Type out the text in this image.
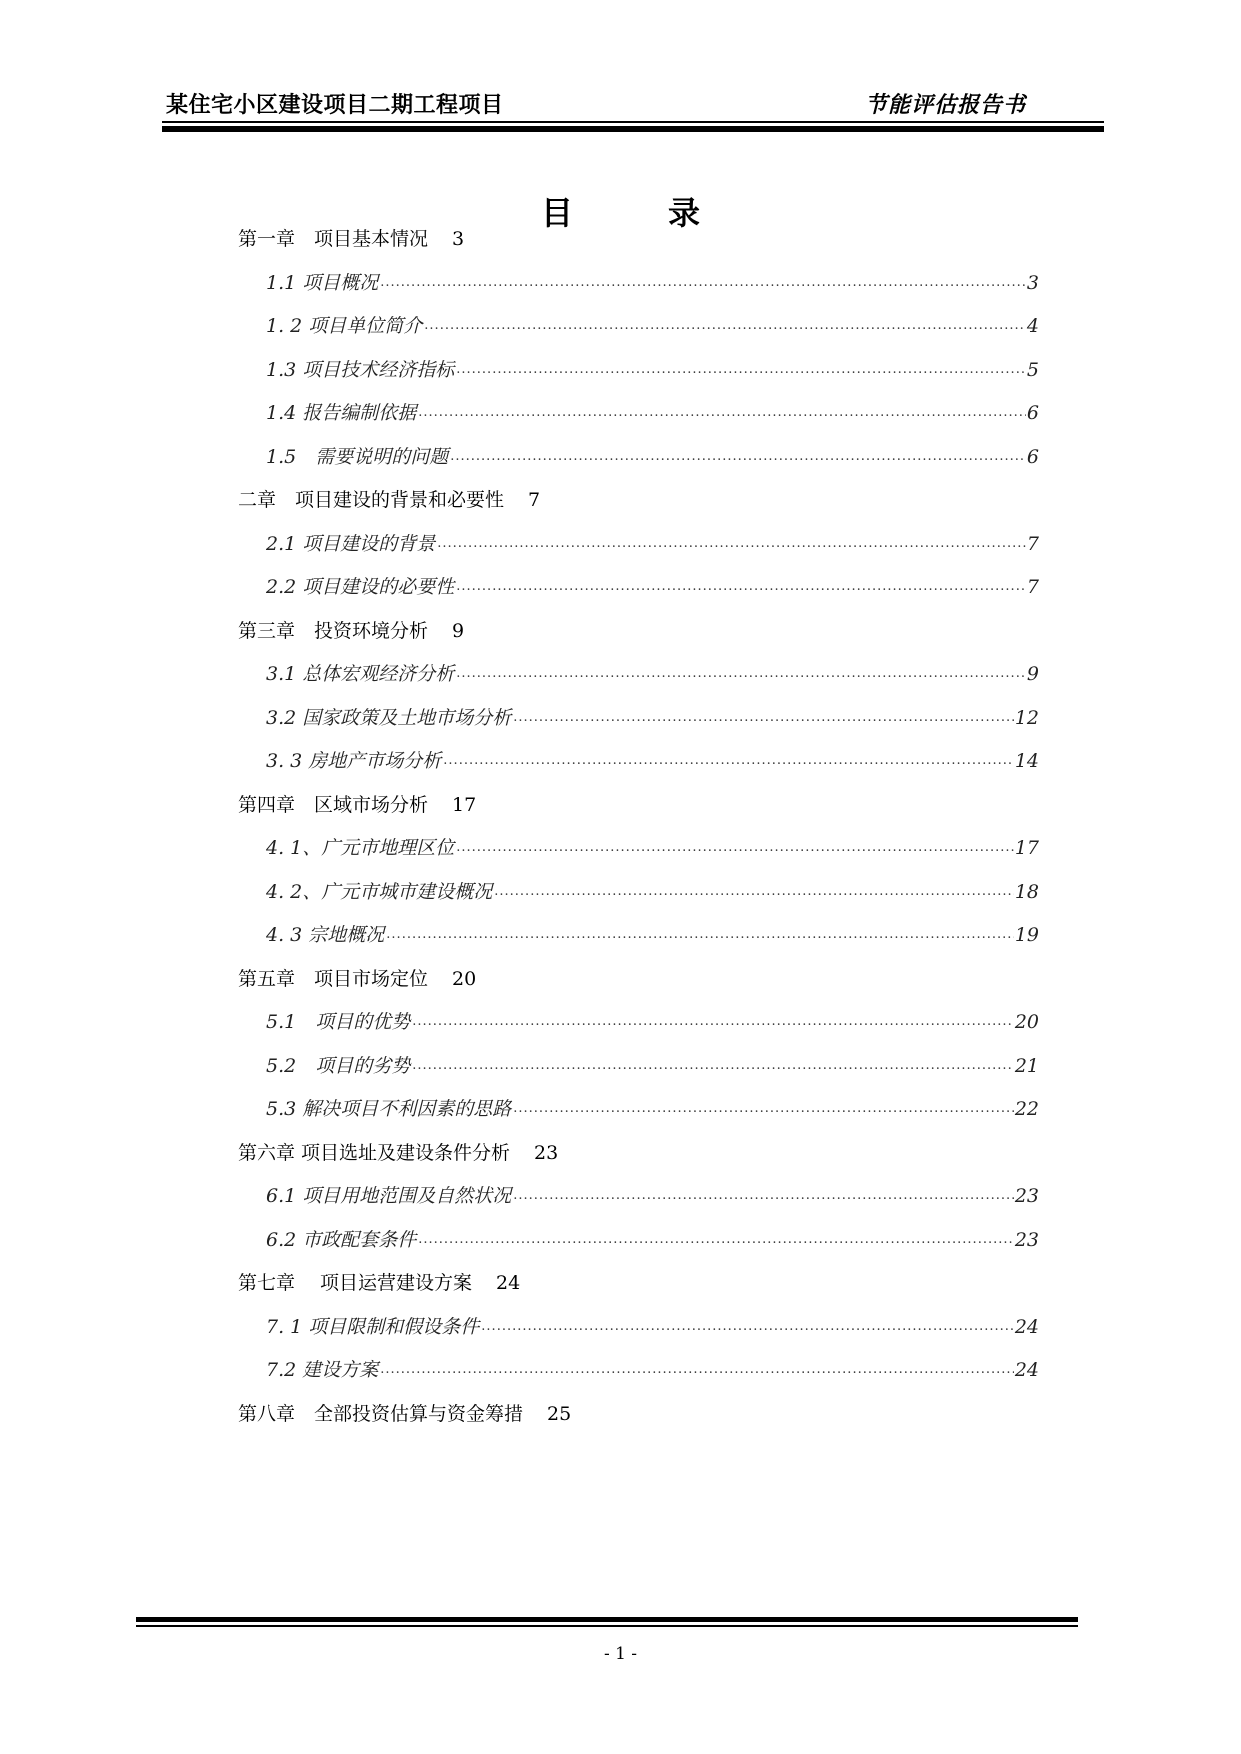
某住宅小区建设项目二期工程项目	节能评估报告书
目录
第一章　项目基本情况 3
1.1 项目概况 .....	3
1. 2 项目单位简介 .....	4
1.3 项目技术经济指标 .....	5
1.4 报告编制依据 .....	6
1.5　需要说明的问题 .....	6
二章　项目建设的背景和必要性 7
2.1 项目建设的背景 .....	7
2.2 项目建设的必要性 .....	7
第三章　投资环境分析 9
3.1 总体宏观经济分析 .....	9
3.2 国家政策及土地市场分析 .....	12
3. 3 房地产市场分析 .....	14
第四章　区域市场分析 17
4. 1、广元市地理区位 .....	17
4. 2、广元市城市建设概况 .....	18
4. 3 宗地概况 .....	19
第五章　项目市场定位 20
5.1　项目的优势 .....	20
5.2　项目的劣势 .....	21
5.3 解决项目不利因素的思路 .....	22
第六章 项目选址及建设条件分析 23
6.1 项目用地范围及自然状况 .....	23
6.2 市政配套条件 .....	23
第七章　 项目运营建设方案 24
7. 1 项目限制和假设条件 .....	24
7.2 建设方案 .....	24
第八章　全部投资估算与资金筹措 25
- 1 -
